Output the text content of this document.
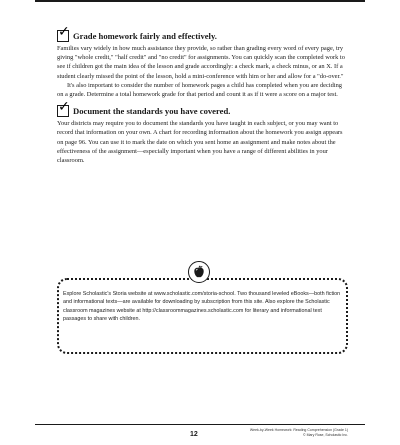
✓ Grade homework fairly and effectively.

Families vary widely in how much assistance they provide, so rather than grading every word of every page, try giving "whole credit," "half credit" and "no credit" for assignments. You can quickly scan the completed work to see if children got the main idea of the lesson and grade accordingly: a check mark, a check minus, or an X. If a student clearly missed the point of the lesson, hold a mini-conference with him or her and allow for a "do-over."

It's also important to consider the number of homework pages a child has completed when you are deciding on a grade. Determine a total homework grade for that period and count it as if it were a score on a major test.

✓ Document the standards you have covered.

Your districts may require you to document the standards you have taught in each subject, or you may want to record that information on your own. A chart for recording information about the homework you assign appears on page 96. You can use it to mark the date on which you sent home an assignment and make notes about the effectiveness of the assignment—especially important when you have a range of different abilities in your classroom.

Explore Scholastic's Storia website at www.scholastic.com/storia-school. Two thousand leveled eBooks—both fiction and informational texts—are available for downloading by subscription from this site. Also explore the Scholastic classroom magazines website at http://classroommagazines.scholastic.com for literary and informational text passages to share with children.

Week-by-Week Homework: Reading Comprehension (Grade 1)
© Mary Rose, Scholastic Inc.
12
